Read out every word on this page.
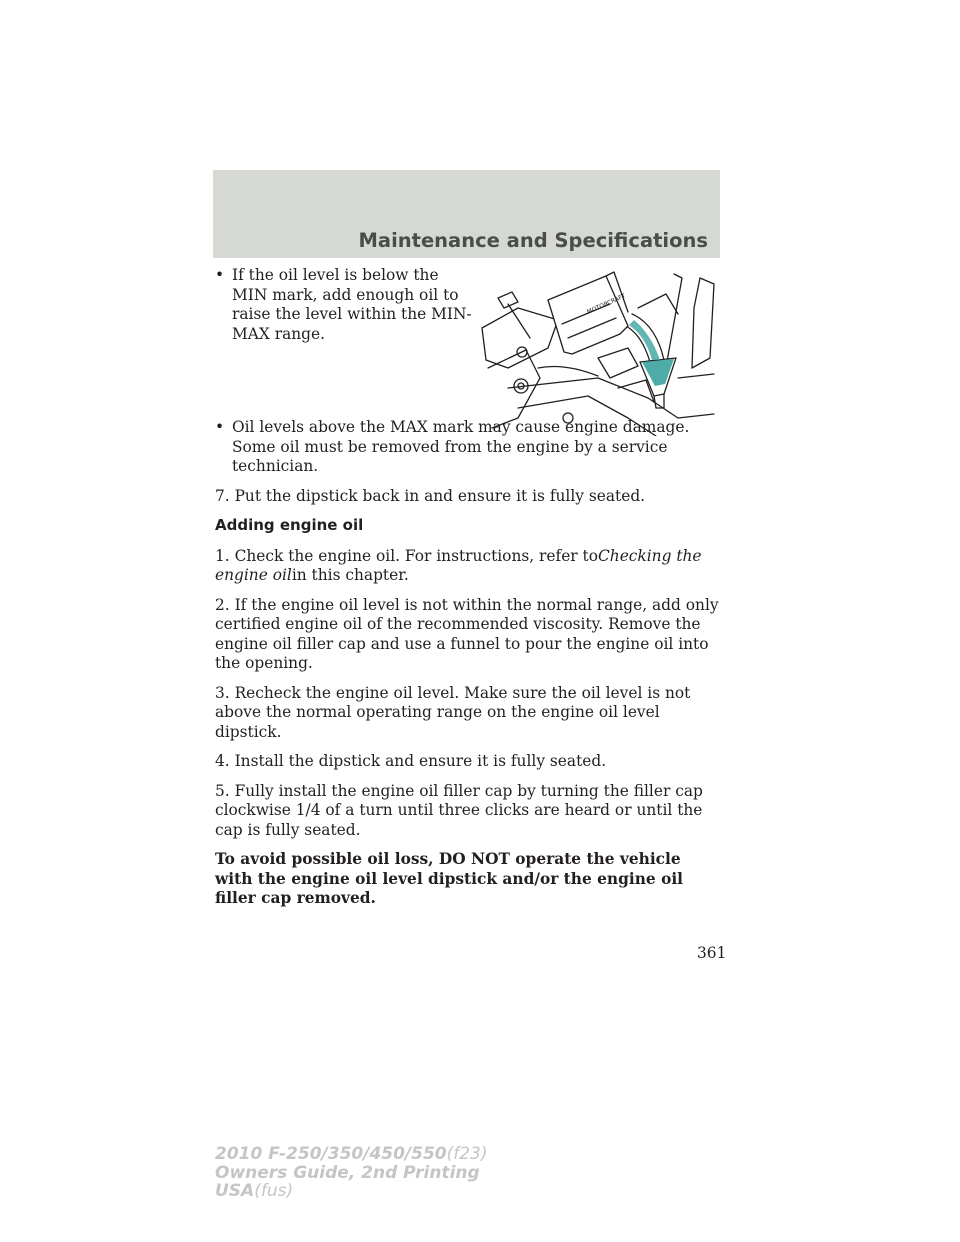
Maintenance and Specifications
MOTORCRAFT
• If the oil level is below the MIN mark, add enough oil to raise the level within the MIN-MAX range.
• Oil levels above the MAX mark may cause engine damage. Some oil must be removed from the engine by a service technician.

7. Put the dipstick back in and ensure it is fully seated.

Adding engine oil

1. Check the engine oil. For instructions, refer toChecking the engine oilin this chapter.

2. If the engine oil level is not within the normal range, add only certified engine oil of the recommended viscosity. Remove the engine oil filler cap and use a funnel to pour the engine oil into the opening.

3. Recheck the engine oil level. Make sure the oil level is not above the normal operating range on the engine oil level dipstick.

4. Install the dipstick and ensure it is fully seated.

5. Fully install the engine oil filler cap by turning the filler cap clockwise 1/4 of a turn until three clicks are heard or until the cap is fully seated.

To avoid possible oil loss, DO NOT operate the vehicle with the engine oil level dipstick and/or the engine oil filler cap removed.

361
2010 F-250/350/450/550(f23)
Owners Guide, 2nd Printing
USA(fus)
